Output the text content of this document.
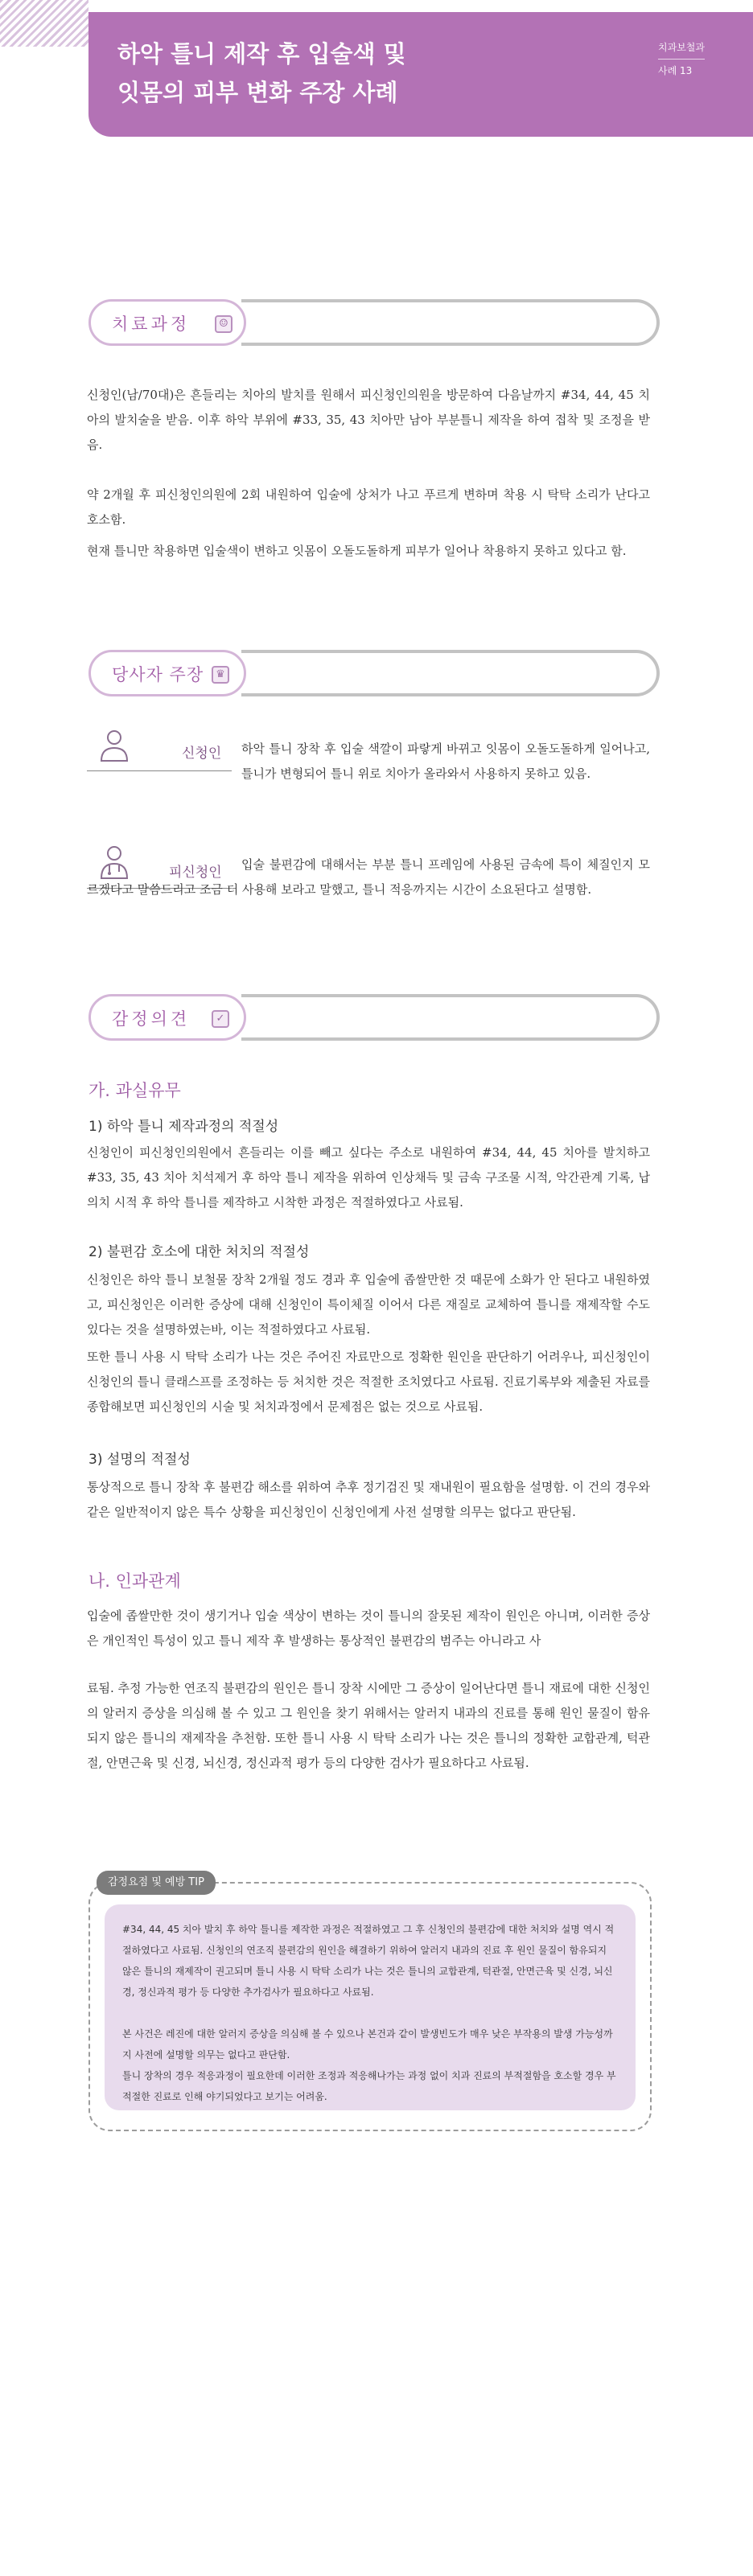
하악 틀니 제작 후 입술색 및
잇몸의 피부 변화 주장 사례
치과보철과
사례 13
치료과정	☺

신청인(남/70대)은 흔들리는 치아의 발치를 원해서 피신청인의원을 방문하여 다음날까지 #34, 44, 45 치아의 발치술을 받음. 이후 하악 부위에 #33, 35, 43 치아만 남아 부분틀니 제작을 하여 접착 및 조정을 받음.

약 2개월 후 피신청인의원에 2회 내원하여 입술에 상처가 나고 푸르게 변하며 착용 시 탁탁 소리가 난다고 호소함.

현재 틀니만 착용하면 입술색이 변하고 잇몸이 오돌도돌하게 피부가 일어나 착용하지 못하고 있다고 함.

당사자 주장	♛
신청인 하악 틀니 장착 후 입술 색깔이 파랗게 바뀌고 잇몸이 오돌도돌하게 일어나고, 틀니가 변형되어 틀니 위로 치아가 올라와서 사용하지 못하고 있음.

피신청인	입술 불편감에 대해서는 부분 틀니 프레임에 사용된 금속에 특이 체질인지 모르겠다고 말씀드리고 조금 더 사용해 보라고 말했고, 틀니 적응까지는 시간이 소요된다고 설명함.

감정의견	✓
가. 과실유무
1) 하악 틀니 제작과정의 적절성

신청인이 피신청인의원에서 흔들리는 이를 빼고 싶다는 주소로 내원하여 #34, 44, 45 치아를 발치하고 #33, 35, 43 치아 치석제거 후 하악 틀니 제작을 위하여 인상채득 및 금속 구조물 시적, 악간관계 기록, 납의치 시적 후 하악 틀니를 제작하고 시착한 과정은 적절하였다고 사료됨.

2) 불편감 호소에 대한 처치의 적절성

신청인은 하악 틀니 보철물 장착 2개월 정도 경과 후 입술에 좁쌀만한 것 때문에 소화가 안 된다고 내원하였고, 피신청인은 이러한 증상에 대해 신청인이 특이체질 이어서 다른 재질로 교체하여 틀니를 재제작할 수도 있다는 것을 설명하였는바, 이는 적절하였다고 사료됨.

또한 틀니 사용 시 탁탁 소리가 나는 것은 주어진 자료만으로 정확한 원인을 판단하기 어려우나, 피신청인이 신청인의 틀니 클래스프를 조정하는 등 처치한 것은 적절한 조치였다고 사료됨. 진료기록부와 제출된 자료를 종합해보면 피신청인의 시술 및 처치과정에서 문제점은 없는 것으로 사료됨.

3) 설명의 적절성

통상적으로 틀니 장착 후 불편감 해소를 위하여 추후 정기검진 및 재내원이 필요함을 설명함. 이 건의 경우와 같은 일반적이지 않은 특수 상황을 피신청인이 신청인에게 사전 설명할 의무는 없다고 판단됨.

나. 인과관계

입술에 좁쌀만한 것이 생기거나 입술 색상이 변하는 것이 틀니의 잘못된 제작이 원인은 아니며, 이러한 증상은 개인적인 특성이 있고 틀니 제작 후 발생하는 통상적인 불편감의 범주는 아니라고 사

료됨. 추정 가능한 연조직 불편감의 원인은 틀니 장착 시에만 그 증상이 일어난다면 틀니 재료에 대한 신청인의 알러지 증상을 의심해 볼 수 있고 그 원인을 찾기 위해서는 알러지 내과의 진료를 통해 원인 물질이 함유되지 않은 틀니의 재제작을 추천함. 또한 틀니 사용 시 탁탁 소리가 나는 것은 틀니의 정확한 교합관계, 턱관절, 안면근육 및 신경, 뇌신경, 정신과적 평가 등의 다양한 검사가 필요하다고 사료됨.

#34, 44, 45 치아 발치 후 하악 틀니를 제작한 과정은 적절하였고 그 후 신청인의 불편감에 대한 처치와 설명 역시 적절하였다고 사료됨. 신청인의 연조직 불편감의 원인을 해결하기 위하여 알러지 내과의 진료 후 원인 물질이 함유되지 않은 틀니의 재제작이 권고되며 틀니 사용 시 탁탁 소리가 나는 것은 틀니의 교합관계, 턱관절, 안면근육 및 신경, 뇌신경, 정신과적 평가 등 다양한 추가검사가 필요하다고 사료됨.

본 사건은 레진에 대한 알러지 증상을 의심해 볼 수 있으나 본건과 같이 발생빈도가 매우 낮은 부작용의 발생 가능성까지 사전에 설명할 의무는 없다고 판단함.

틀니 장착의 경우 적응과정이 필요한데 이러한 조정과 적응해나가는 과정 없이 치과 진료의 부적절함을 호소할 경우 부적절한 진료로 인해 야기되었다고 보기는 어려움.

감정요점 및 예방 TIP
